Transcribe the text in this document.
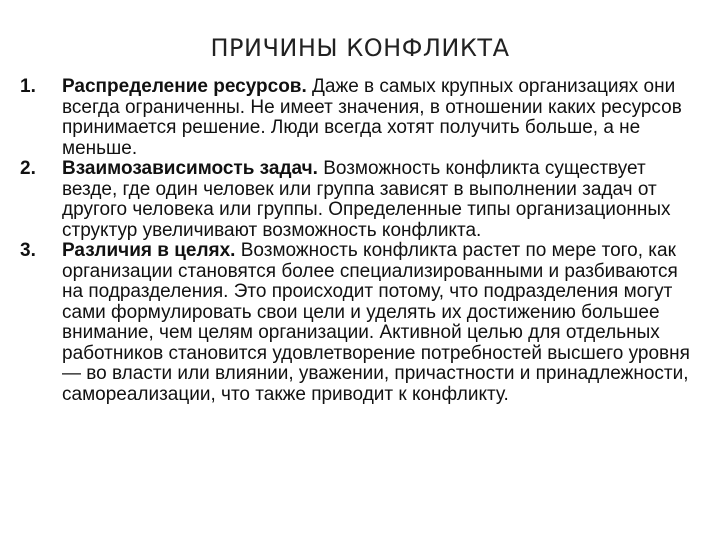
ПРИЧИНЫ КОНФЛИКТА
1. Распределение ресурсов. Даже в самых крупных организациях они всегда ограниченны. Не имеет значения, в отношении каких ресурсов принимается решение. Люди всегда хотят получить больше, а не меньше.
2. Взаимозависимость задач. Возможность конфликта существует везде, где один человек или группа зависят в выполнении задач от другого человека или группы. Определенные типы организационных структур увеличивают возможность конфликта.
3. Различия в целях. Возможность конфликта растет по мере того, как организации становятся более специализированными и разбиваются на подразделения. Это происходит потому, что подразделения могут сами формулировать свои цели и уделять их достижению большее внимание, чем целям организации. Активной целью для отдельных работников становится удовлетворение потребностей высшего уровня — во власти или влиянии, уважении, причастности и принадлежности, самореализации, что также приводит к конфликту.
